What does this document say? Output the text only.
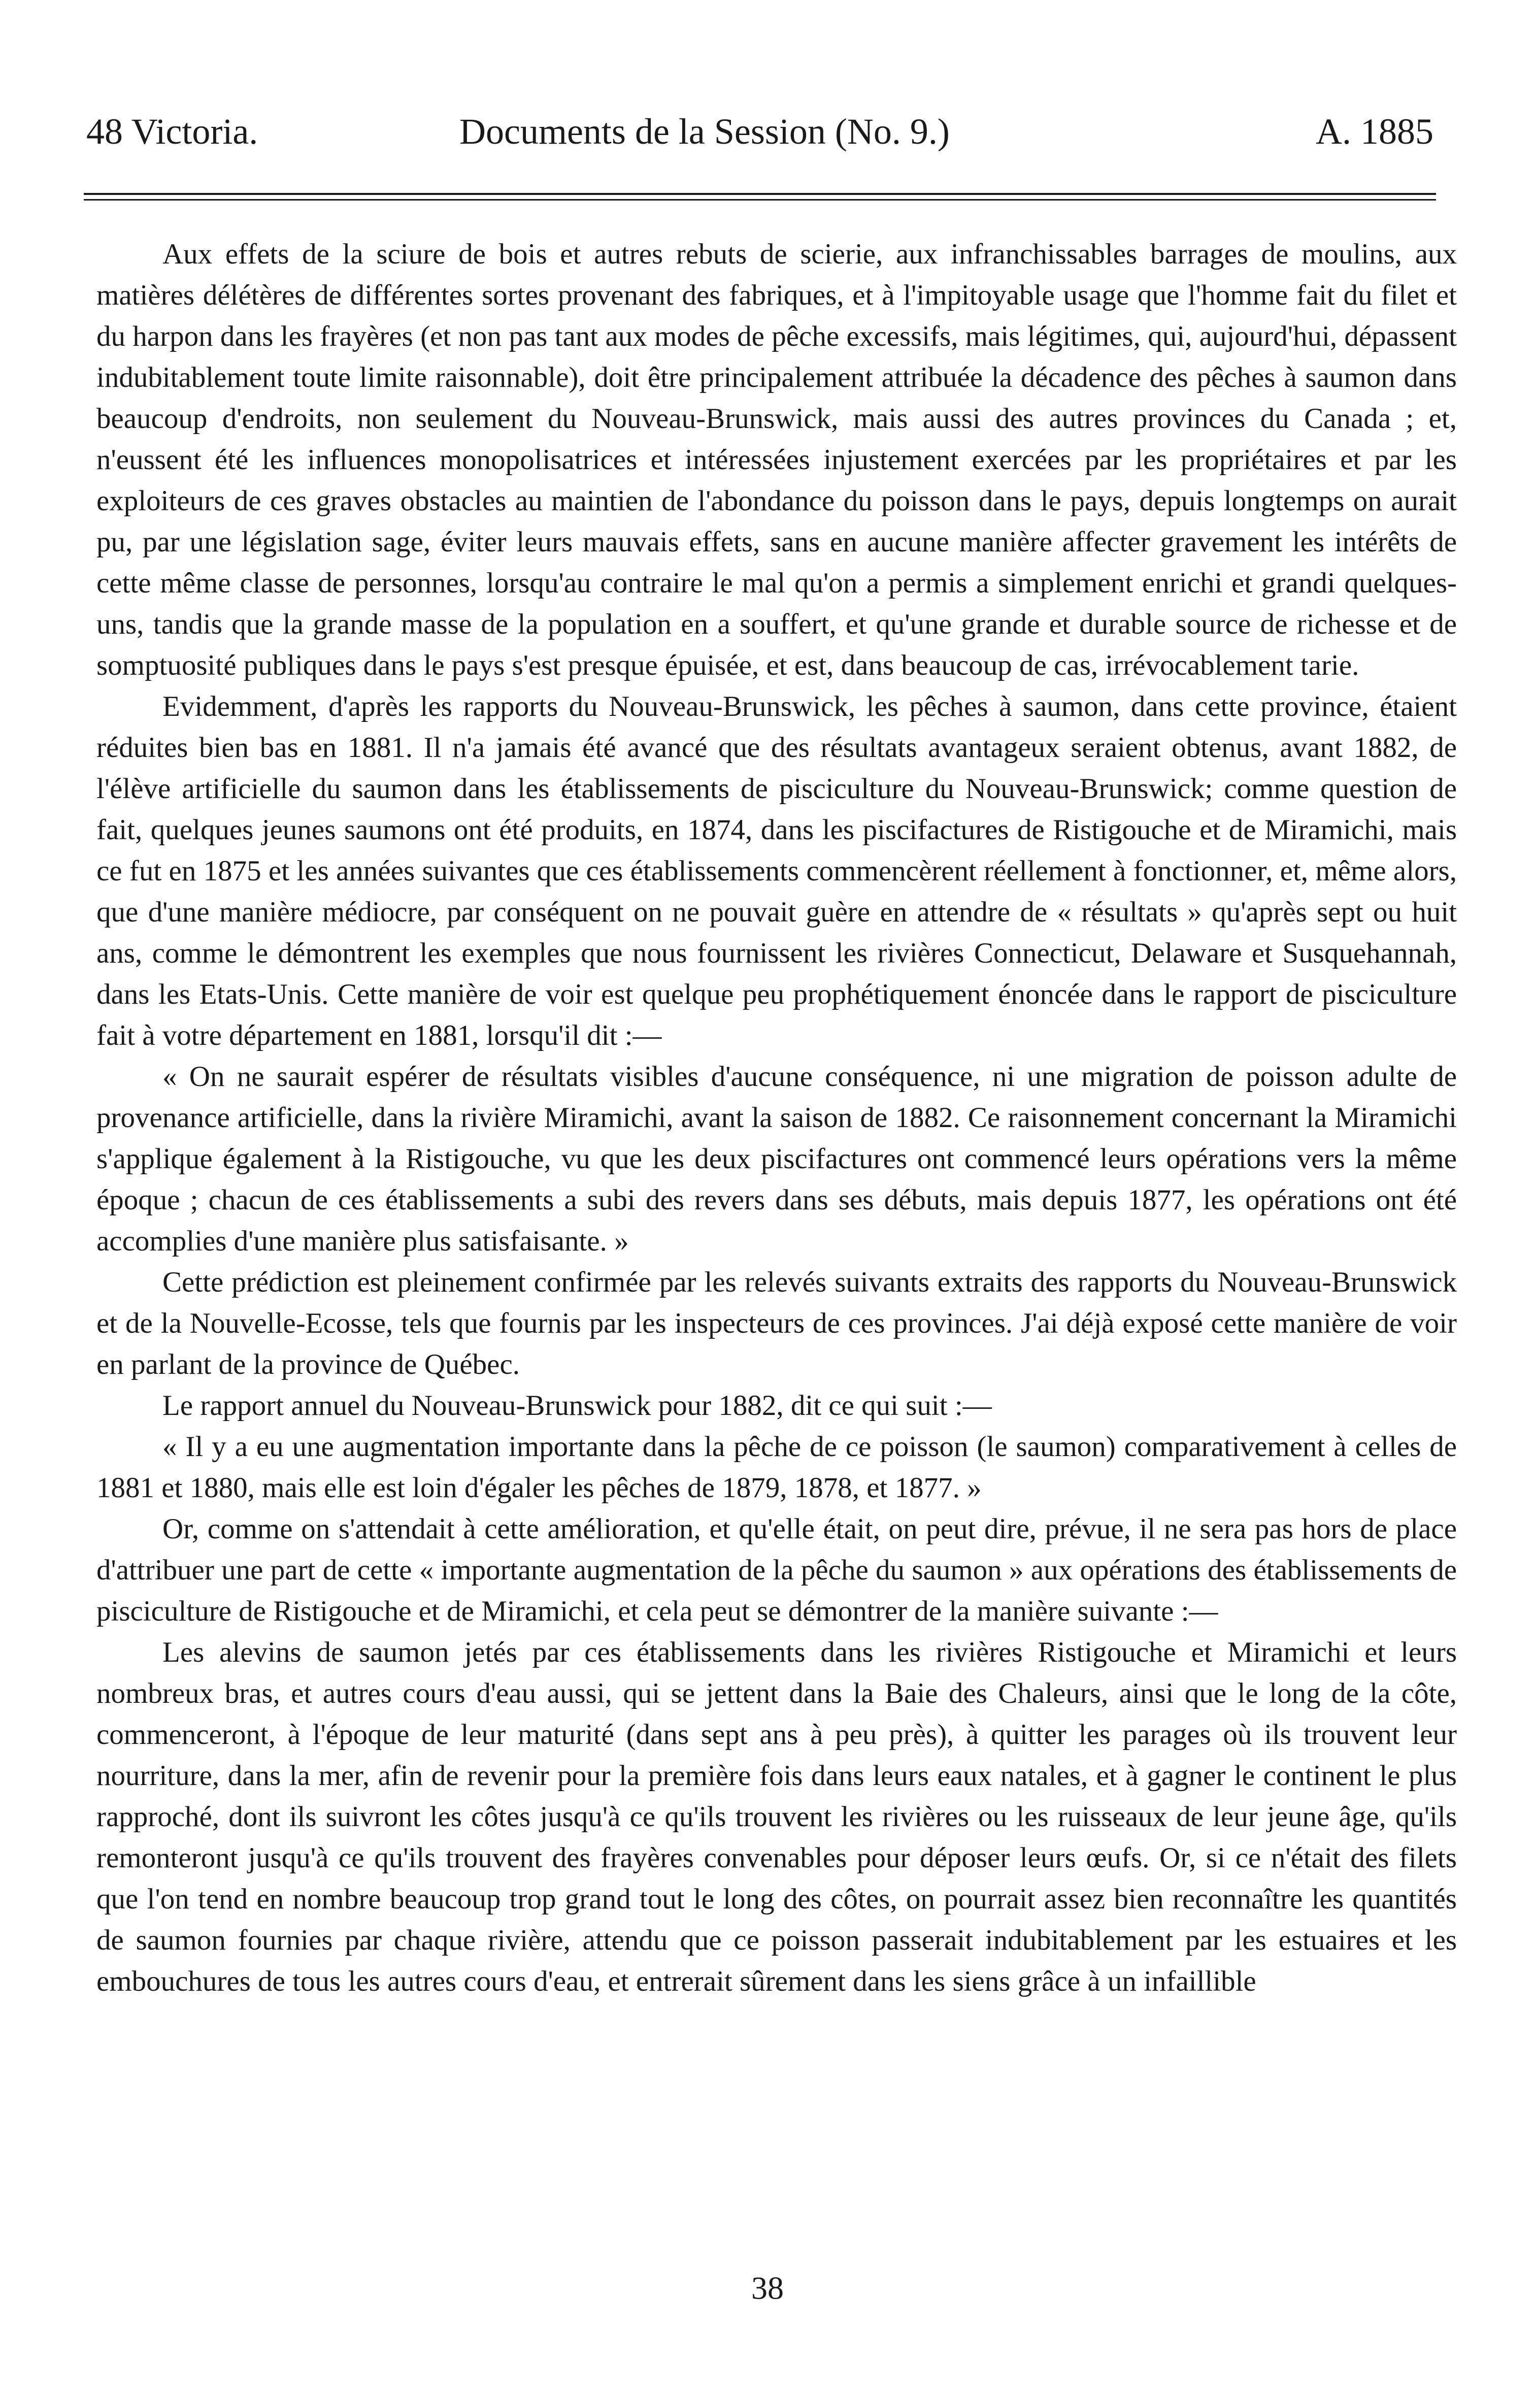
48 Victoria.	Documents de la Session (No. 9.)	A. 1885

Aux effets de la sciure de bois et autres rebuts de scierie, aux infranchissables barrages de moulins, aux matières délétères de différentes sortes provenant des fabriques, et à l'impitoyable usage que l'homme fait du filet et du harpon dans les frayères (et non pas tant aux modes de pêche excessifs, mais légitimes, qui, aujourd'hui, dépassent indubitablement toute limite raisonnable), doit être principalement attribuée la décadence des pêches à saumon dans beaucoup d'endroits, non seulement du Nouveau-Brunswick, mais aussi des autres provinces du Canada ; et, n'eussent été les influences monopolisatrices et intéressées injustement exercées par les propriétaires et par les exploiteurs de ces graves obstacles au maintien de l'abondance du poisson dans le pays, depuis longtemps on aurait pu, par une législation sage, éviter leurs mauvais effets, sans en aucune manière affecter gravement les intérêts de cette même classe de personnes, lorsqu'au contraire le mal qu'on a permis a simplement enrichi et grandi quelques-uns, tandis que la grande masse de la population en a souffert, et qu'une grande et durable source de richesse et de somptuosité publiques dans le pays s'est presque épuisée, et est, dans beaucoup de cas, irrévocablement tarie.

Evidemment, d'après les rapports du Nouveau-Brunswick, les pêches à saumon, dans cette province, étaient réduites bien bas en 1881. Il n'a jamais été avancé que des résultats avantageux seraient obtenus, avant 1882, de l'élève artificielle du saumon dans les établissements de pisciculture du Nouveau-Brunswick; comme question de fait, quelques jeunes saumons ont été produits, en 1874, dans les piscifactures de Ristigouche et de Miramichi, mais ce fut en 1875 et les années suivantes que ces établissements commencèrent réellement à fonctionner, et, même alors, que d'une manière médiocre, par conséquent on ne pouvait guère en attendre de « résultats » qu'après sept ou huit ans, comme le démontrent les exemples que nous fournissent les rivières Connecticut, Delaware et Susquehannah, dans les Etats-Unis. Cette manière de voir est quelque peu prophétiquement énoncée dans le rapport de pisciculture fait à votre département en 1881, lorsqu'il dit :—

« On ne saurait espérer de résultats visibles d'aucune conséquence, ni une migration de poisson adulte de provenance artificielle, dans la rivière Miramichi, avant la saison de 1882. Ce raisonnement concernant la Miramichi s'applique également à la Ristigouche, vu que les deux piscifactures ont commencé leurs opérations vers la même époque ; chacun de ces établissements a subi des revers dans ses débuts, mais depuis 1877, les opérations ont été accomplies d'une manière plus satisfaisante. »

Cette prédiction est pleinement confirmée par les relevés suivants extraits des rapports du Nouveau-Brunswick et de la Nouvelle-Ecosse, tels que fournis par les inspecteurs de ces provinces. J'ai déjà exposé cette manière de voir en parlant de la province de Québec.

Le rapport annuel du Nouveau-Brunswick pour 1882, dit ce qui suit :—

« Il y a eu une augmentation importante dans la pêche de ce poisson (le saumon) comparativement à celles de 1881 et 1880, mais elle est loin d'égaler les pêches de 1879, 1878, et 1877. »

Or, comme on s'attendait à cette amélioration, et qu'elle était, on peut dire, prévue, il ne sera pas hors de place d'attribuer une part de cette « importante augmentation de la pêche du saumon » aux opérations des établissements de pisciculture de Ristigouche et de Miramichi, et cela peut se démontrer de la manière suivante :—

Les alevins de saumon jetés par ces établissements dans les rivières Ristigouche et Miramichi et leurs nombreux bras, et autres cours d'eau aussi, qui se jettent dans la Baie des Chaleurs, ainsi que le long de la côte, commenceront, à l'époque de leur maturité (dans sept ans à peu près), à quitter les parages où ils trouvent leur nourriture, dans la mer, afin de revenir pour la première fois dans leurs eaux natales, et à gagner le continent le plus rapproché, dont ils suivront les côtes jusqu'à ce qu'ils trouvent les rivières ou les ruisseaux de leur jeune âge, qu'ils remonteront jusqu'à ce qu'ils trouvent des frayères convenables pour déposer leurs œufs. Or, si ce n'était des filets que l'on tend en nombre beaucoup trop grand tout le long des côtes, on pourrait assez bien reconnaître les quantités de saumon fournies par chaque rivière, attendu que ce poisson passerait indubitablement par les estuaires et les embouchures de tous les autres cours d'eau, et entrerait sûrement dans les siens grâce à un infaillible

38
